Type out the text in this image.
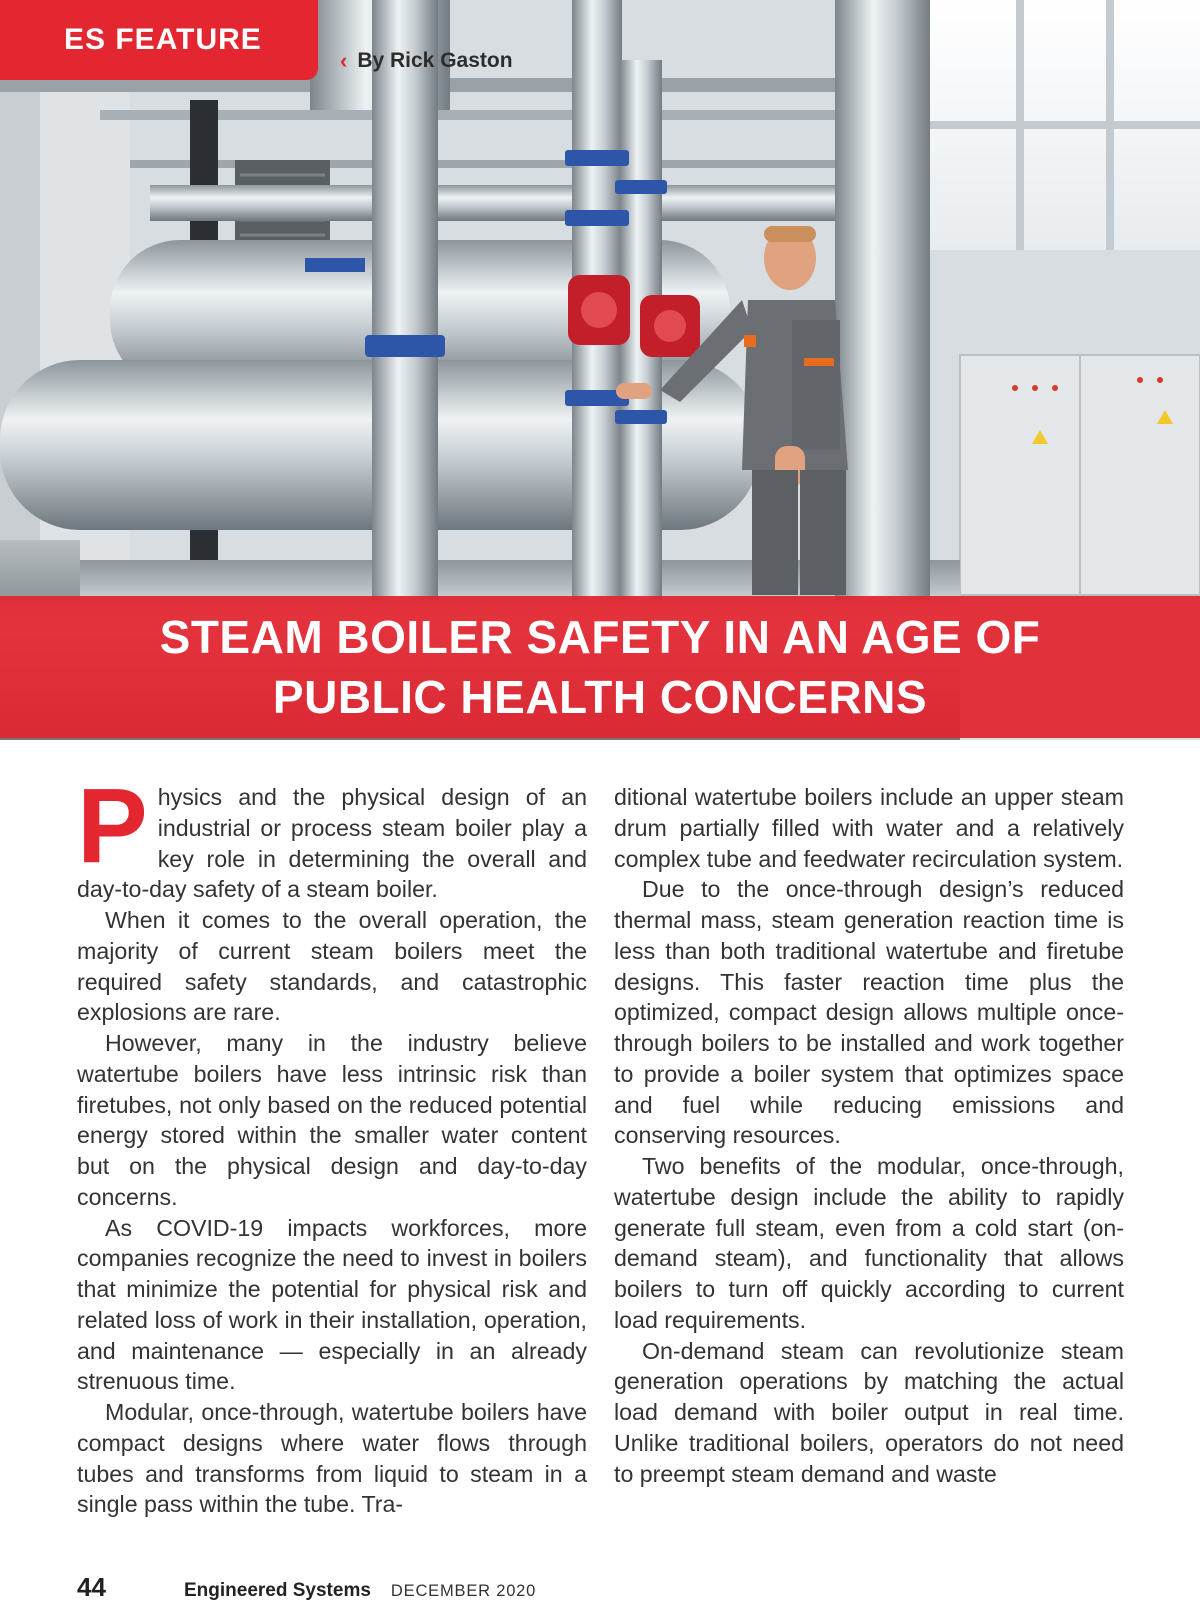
ES FEATURE
‹ By Rick Gaston
STEAM BOILER SAFETY IN AN AGE OF
PUBLIC HEALTH CONCERNS

P hysics and the physical design of an industrial or process steam boiler play a key role in determining the overall and day-to-day safety of a steam boiler.

When it comes to the overall operation, the majority of current steam boilers meet the required safety standards, and catastrophic explosions are rare.

However, many in the industry believe watertube boilers have less intrinsic risk than firetubes, not only based on the reduced potential energy stored within the smaller water content but on the physical design and day-to-day concerns.

As COVID-19 impacts workforces, more companies recognize the need to invest in boilers that minimize the potential for physical risk and related loss of work in their installation, operation, and maintenance — especially in an already strenuous time.

Modular, once-through, watertube boilers have compact designs where water flows through tubes and transforms from liquid to steam in a single pass within the tube. Tra-

ditional watertube boilers include an upper steam drum partially filled with water and a relatively complex tube and feedwater recirculation system.

Due to the once-through design’s reduced thermal mass, steam generation reaction time is less than both traditional watertube and firetube designs. This faster reaction time plus the optimized, compact design allows multiple once-through boilers to be installed and work together to provide a boiler system that optimizes space and fuel while reducing emissions and conserving resources.

Two benefits of the modular, once-through, watertube design include the ability to rapidly generate full steam, even from a cold start (on-demand steam), and functionality that allows boilers to turn off quickly according to current load requirements.

On-demand steam can revolutionize steam generation operations by matching the actual load demand with boiler output in real time. Unlike traditional boilers, operators do not need to preempt steam demand and waste

44	Engineered Systems DECEMBER 2020
